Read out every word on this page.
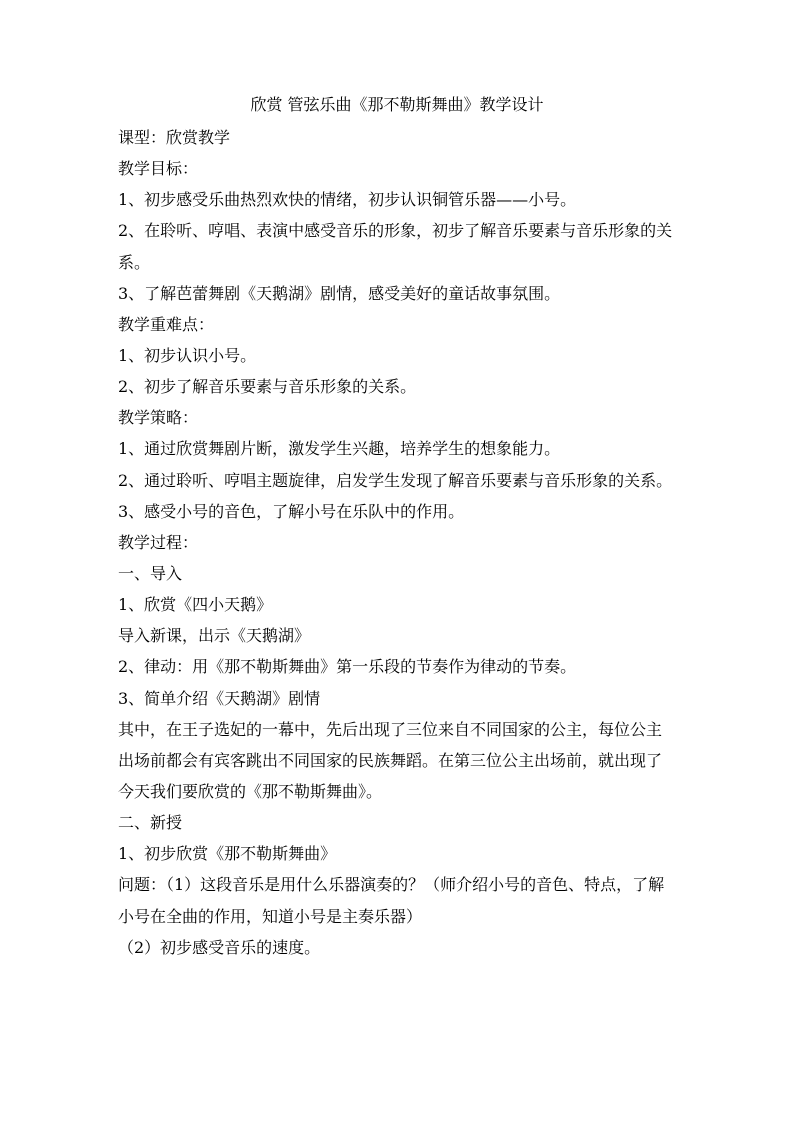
欣赏 管弦乐曲《那不勒斯舞曲》教学设计
课型：欣赏教学
教学目标：
1、初步感受乐曲热烈欢快的情绪，初步认识铜管乐器——小号。
2、在聆听、哼唱、表演中感受音乐的形象，初步了解音乐要素与音乐形象的关
系。
3、了解芭蕾舞剧《天鹅湖》剧情，感受美好的童话故事氛围。
教学重难点：
1、初步认识小号。
2、初步了解音乐要素与音乐形象的关系。
教学策略：
1、通过欣赏舞剧片断，激发学生兴趣，培养学生的想象能力。
2、通过聆听、哼唱主题旋律，启发学生发现了解音乐要素与音乐形象的关系。
3、感受小号的音色，了解小号在乐队中的作用。
教学过程：
一、导入
1、欣赏《四小天鹅》
导入新课，出示《天鹅湖》
2、律动：用《那不勒斯舞曲》第一乐段的节奏作为律动的节奏。
3、简单介绍《天鹅湖》剧情
其中，在王子选妃的一幕中，先后出现了三位来自不同国家的公主，每位公主
出场前都会有宾客跳出不同国家的民族舞蹈。在第三位公主出场前，就出现了
今天我们要欣赏的《那不勒斯舞曲》。
二、新授
1、初步欣赏《那不勒斯舞曲》
问题：（1）这段音乐是用什么乐器演奏的？（师介绍小号的音色、特点，了解
小号在全曲的作用，知道小号是主奏乐器）
（2）初步感受音乐的速度。
